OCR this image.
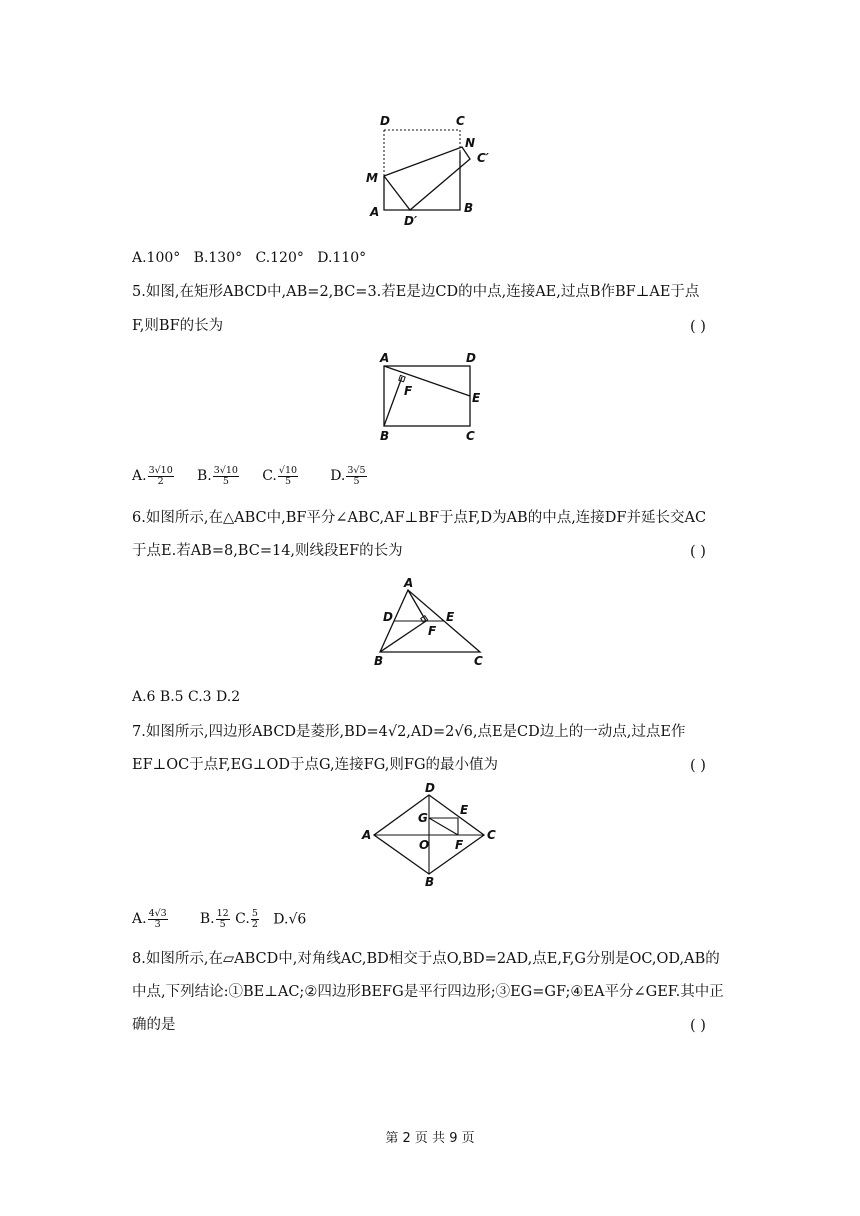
D	C
N
C′
M
A
D′
B
A.100° B.130° C.120° D.110°
5.如图,在矩形ABCD中,AB=2,BC=3.若E是边CD的中点,连接AE,过点B作BF⊥AE于点
F,则BF的长为	( )
A	D
F	E
B	C
A. $\frac{3√10}{2} B$. $\frac{3√10}{5} C$. $\frac{√10}{5} D$. $\frac{3√5}{5}$
6.如图所示,在△ABC中,BF平分∠ABC,AF⊥BF于点F,D为AB的中点,连接DF并延长交AC
于点E.若AB=8,BC=14,则线段EF的长为	( )
A
D	E
F
B	C
A.6 B.5 C.3 D.2
7.如图所示,四边形ABCD是菱形,BD=4√2,AD=2√6,点E是CD边上的一动点,过点E作
EF⊥OC于点F,EG⊥OD于点G,连接FG,则FG的最小值为	( )
D
E
G
A	C
O F
B
A. $\frac{4√3}{3} B$. $\frac{12}{5} C$. $\frac{5}{2} D.√6$
8.如图所示,在▱ABCD中,对角线AC,BD相交于点O,BD=2AD,点E,F,G分别是OC,OD,AB的
中点,下列结论:①BE⊥AC;②四边形BEFG是平行四边形;③EG=GF;④EA平分∠GEF.其中正
确的是	( )
第 2 页 共 9 页
